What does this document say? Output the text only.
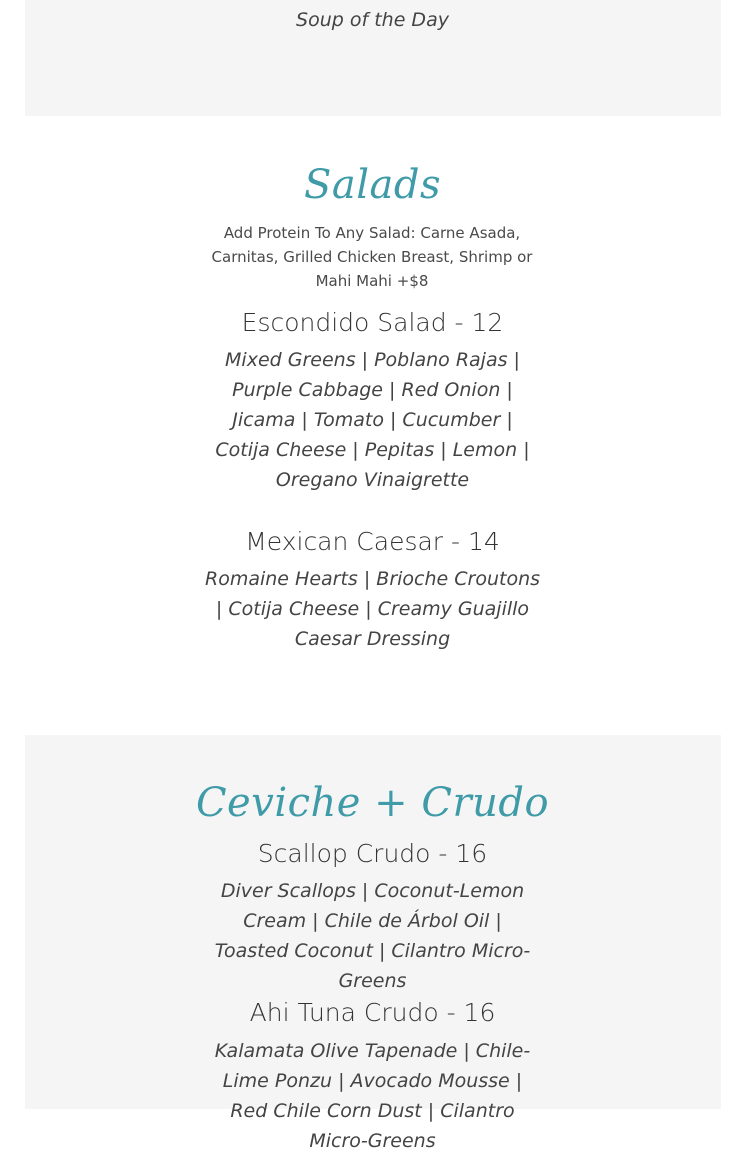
Soup of the Day
Salads
Add Protein To Any Salad: Carne Asada, Carnitas, Grilled Chicken Breast, Shrimp or Mahi Mahi +$8
Escondido Salad - 12
Mixed Greens | Poblano Rajas | Purple Cabbage | Red Onion | Jicama | Tomato | Cucumber | Cotija Cheese | Pepitas | Lemon | Oregano Vinaigrette
Mexican Caesar - 14
Romaine Hearts | Brioche Croutons | Cotija Cheese | Creamy Guajillo Caesar Dressing
Ceviche + Crudo
Scallop Crudo - 16
Diver Scallops | Coconut-Lemon Cream | Chile de Árbol Oil | Toasted Coconut | Cilantro Micro-Greens
Ahi Tuna Crudo - 16
Kalamata Olive Tapenade | Chile-Lime Ponzu | Avocado Mousse | Red Chile Corn Dust | Cilantro Micro-Greens
